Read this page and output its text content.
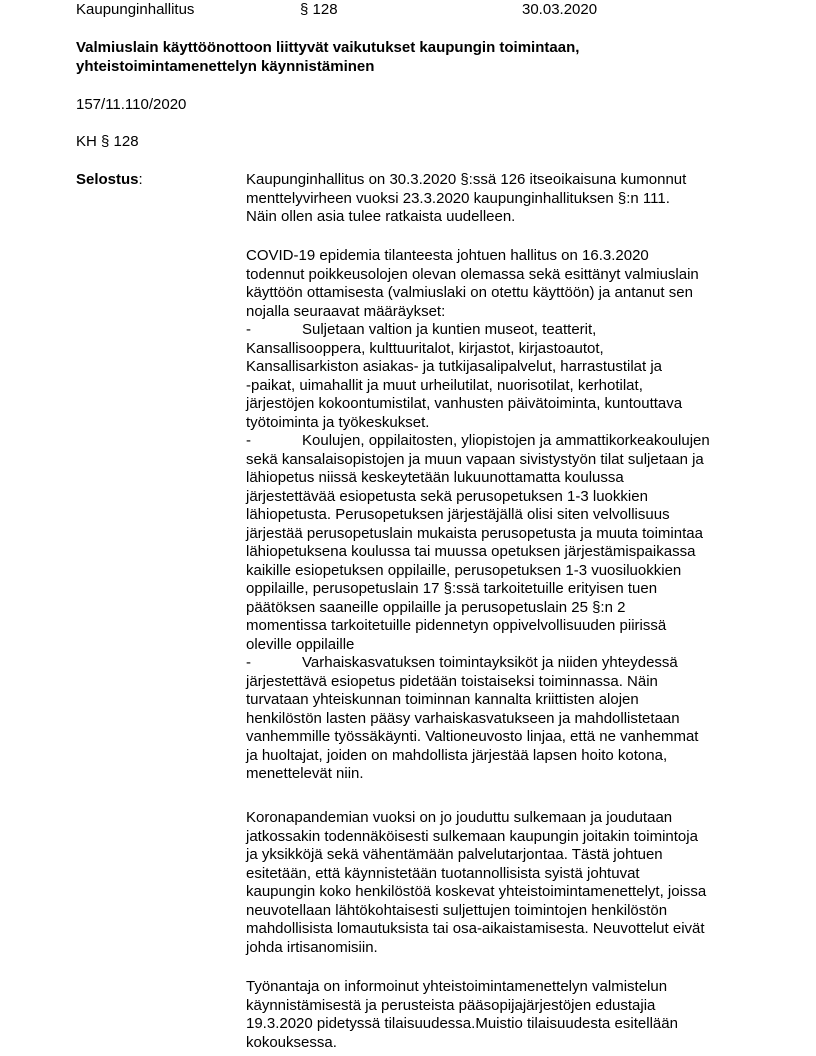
Kaupunginhallitus	§ 128	30.03.2020
Valmiuslain käyttöönottoon liittyvät vaikutukset kaupungin toimintaan,
yhteistoimintamenettelyn käynnistäminen
157/11.110/2020
KH § 128
Selostus:	Kaupunginhallitus on 30.3.2020 §:ssä 126 itseoikaisuna kumonnut
menttelyvirheen vuoksi 23.3.2020 kaupunginhallituksen §:n 111.
Näin ollen asia tulee ratkaista uudelleen.
COVID-19 epidemia tilanteesta johtuen hallitus on 16.3.2020
todennut poikkeusolojen olevan olemassa sekä esittänyt valmiuslain
käyttöön ottamisesta (valmiuslaki on otettu käyttöön) ja antanut sen
nojalla seuraavat määräykset:
-	Suljetaan valtion ja kuntien museot, teatterit,
Kansallisooppera, kulttuuritalot, kirjastot, kirjastoautot,
Kansallisarkiston asiakas- ja tutkijasalipalvelut, harrastustilat ja
-paikat, uimahallit ja muut urheilutilat, nuorisotilat, kerhotilat,
järjestöjen kokoontumistilat, vanhusten päivätoiminta, kuntouttava
työtoiminta ja työkeskukset.
-	Koulujen, oppilaitosten, yliopistojen ja ammattikorkeakoulujen
sekä kansalaisopistojen ja muun vapaan sivistystyön tilat suljetaan ja
lähiopetus niissä keskeytetään lukuunottamatta koulussa
järjestettävää esiopetusta sekä perusopetuksen 1-3 luokkien
lähiopetusta. Perusopetuksen järjestäjällä olisi siten velvollisuus
järjestää perusopetuslain mukaista perusopetusta ja muuta toimintaa
lähiopetuksena koulussa tai muussa opetuksen järjestämispaikassa
kaikille esiopetuksen oppilaille, perusopetuksen 1-3 vuosiluokkien
oppilaille, perusopetuslain 17 §:ssä tarkoitetuille erityisen tuen
päätöksen saaneille oppilaille ja perusopetuslain 25 §:n 2
momentissa tarkoitetuille pidennetyn oppivelvollisuuden piirissä
oleville oppilaille
-	Varhaiskasvatuksen toimintayksiköt ja niiden yhteydessä
järjestettävä esiopetus pidetään toistaiseksi toiminnassa. Näin
turvataan yhteiskunnan toiminnan kannalta kriittisten alojen
henkilöstön lasten pääsy varhaiskasvatukseen ja mahdollistetaan
vanhemmille työssäkäynti. Valtioneuvosto linjaa, että ne vanhemmat
ja huoltajat, joiden on mahdollista järjestää lapsen hoito kotona,
menettelevät niin.
Koronapandemian vuoksi on jo jouduttu sulkemaan ja joudutaan
jatkossakin todennäköisesti sulkemaan kaupungin joitakin toimintoja
ja yksikköjä sekä vähentämään palvelutarjontaa. Tästä johtuen
esitetään, että käynnistetään tuotannollisista syistä johtuvat
kaupungin koko henkilöstöä koskevat yhteistoimintamenettelyt, joissa
neuvotellaan lähtökohtaisesti suljettujen toimintojen henkilöstön
mahdollisista lomautuksista tai osa-aikaistamisesta. Neuvottelut eivät
johda irtisanomisiin.
Työnantaja on informoinut yhteistoimintamenettelyn valmistelun
käynnistämisestä ja perusteista pääsopijajärjestöjen edustajia
19.3.2020 pidetyssä tilaisuudessa.Muistio tilaisuudesta esitellään
kokouksessa.
